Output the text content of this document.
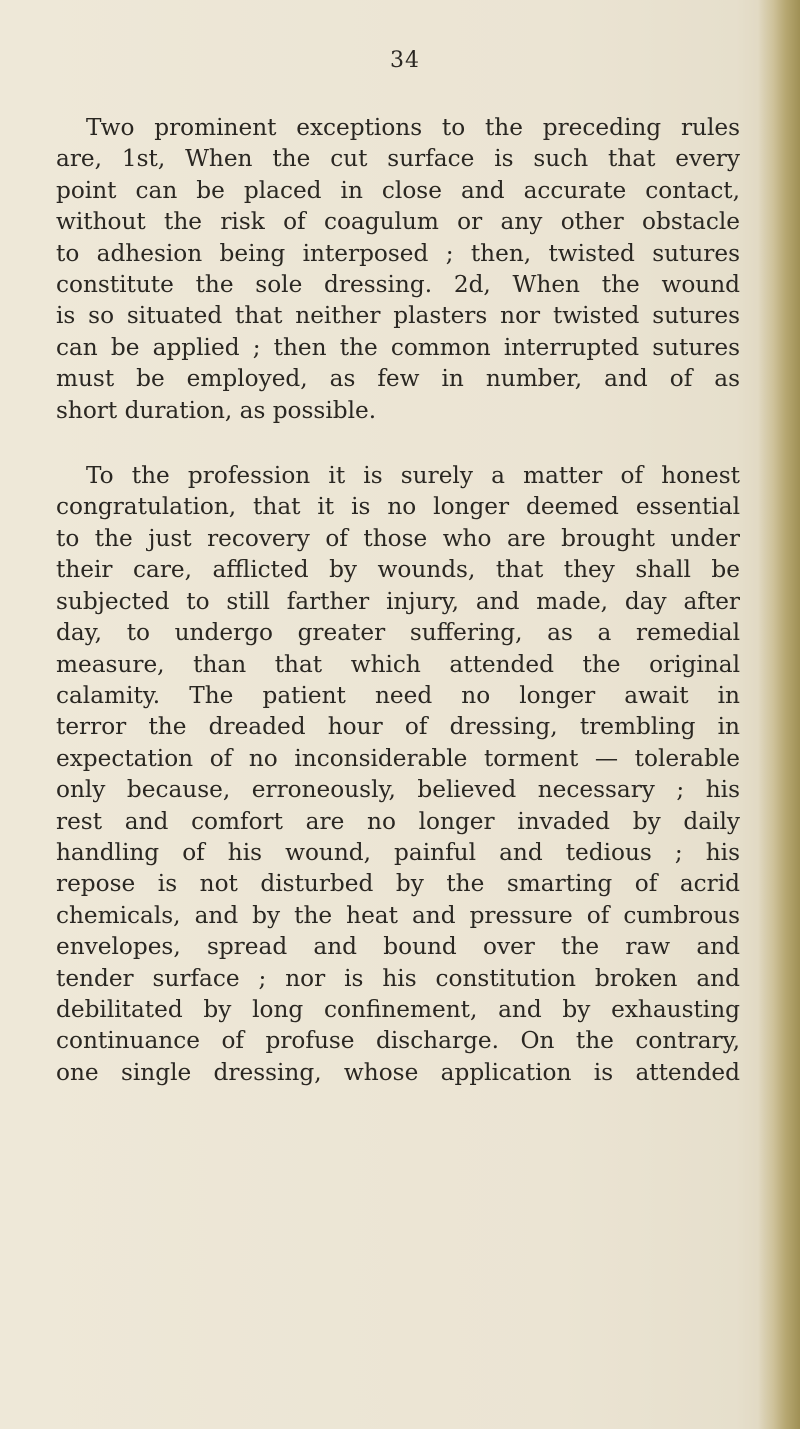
34

Two prominent exceptions to the preceding rules
are, 1st, When the cut surface is such that every
point can be placed in close and accurate contact,
without the risk of coagulum or any other obstacle
to adhesion being interposed ; then, twisted sutures
constitute the sole dressing. 2d, When the wound
is so situated that neither plasters nor twisted sutures
can be applied ; then the common interrupted sutures
must be employed, as few in number, and of as
short duration, as possible.

To the profession it is surely a matter of honest
congratulation, that it is no longer deemed essential
to the just recovery of those who are brought under
their care, afflicted by wounds, that they shall be
subjected to still farther injury, and made, day after
day, to undergo greater suffering, as a remedial
measure, than that which attended the original
calamity. The patient need no longer await in
terror the dreaded hour of dressing, trembling in
expectation of no inconsiderable torment — tolerable
only because, erroneously, believed necessary ; his
rest and comfort are no longer invaded by daily
handling of his wound, painful and tedious ; his
repose is not disturbed by the smarting of acrid
chemicals, and by the heat and pressure of cumbrous
envelopes, spread and bound over the raw and
tender surface ; nor is his constitution broken and
debilitated by long confinement, and by exhausting
continuance of profuse discharge. On the contrary,
one single dressing, whose application is attended
